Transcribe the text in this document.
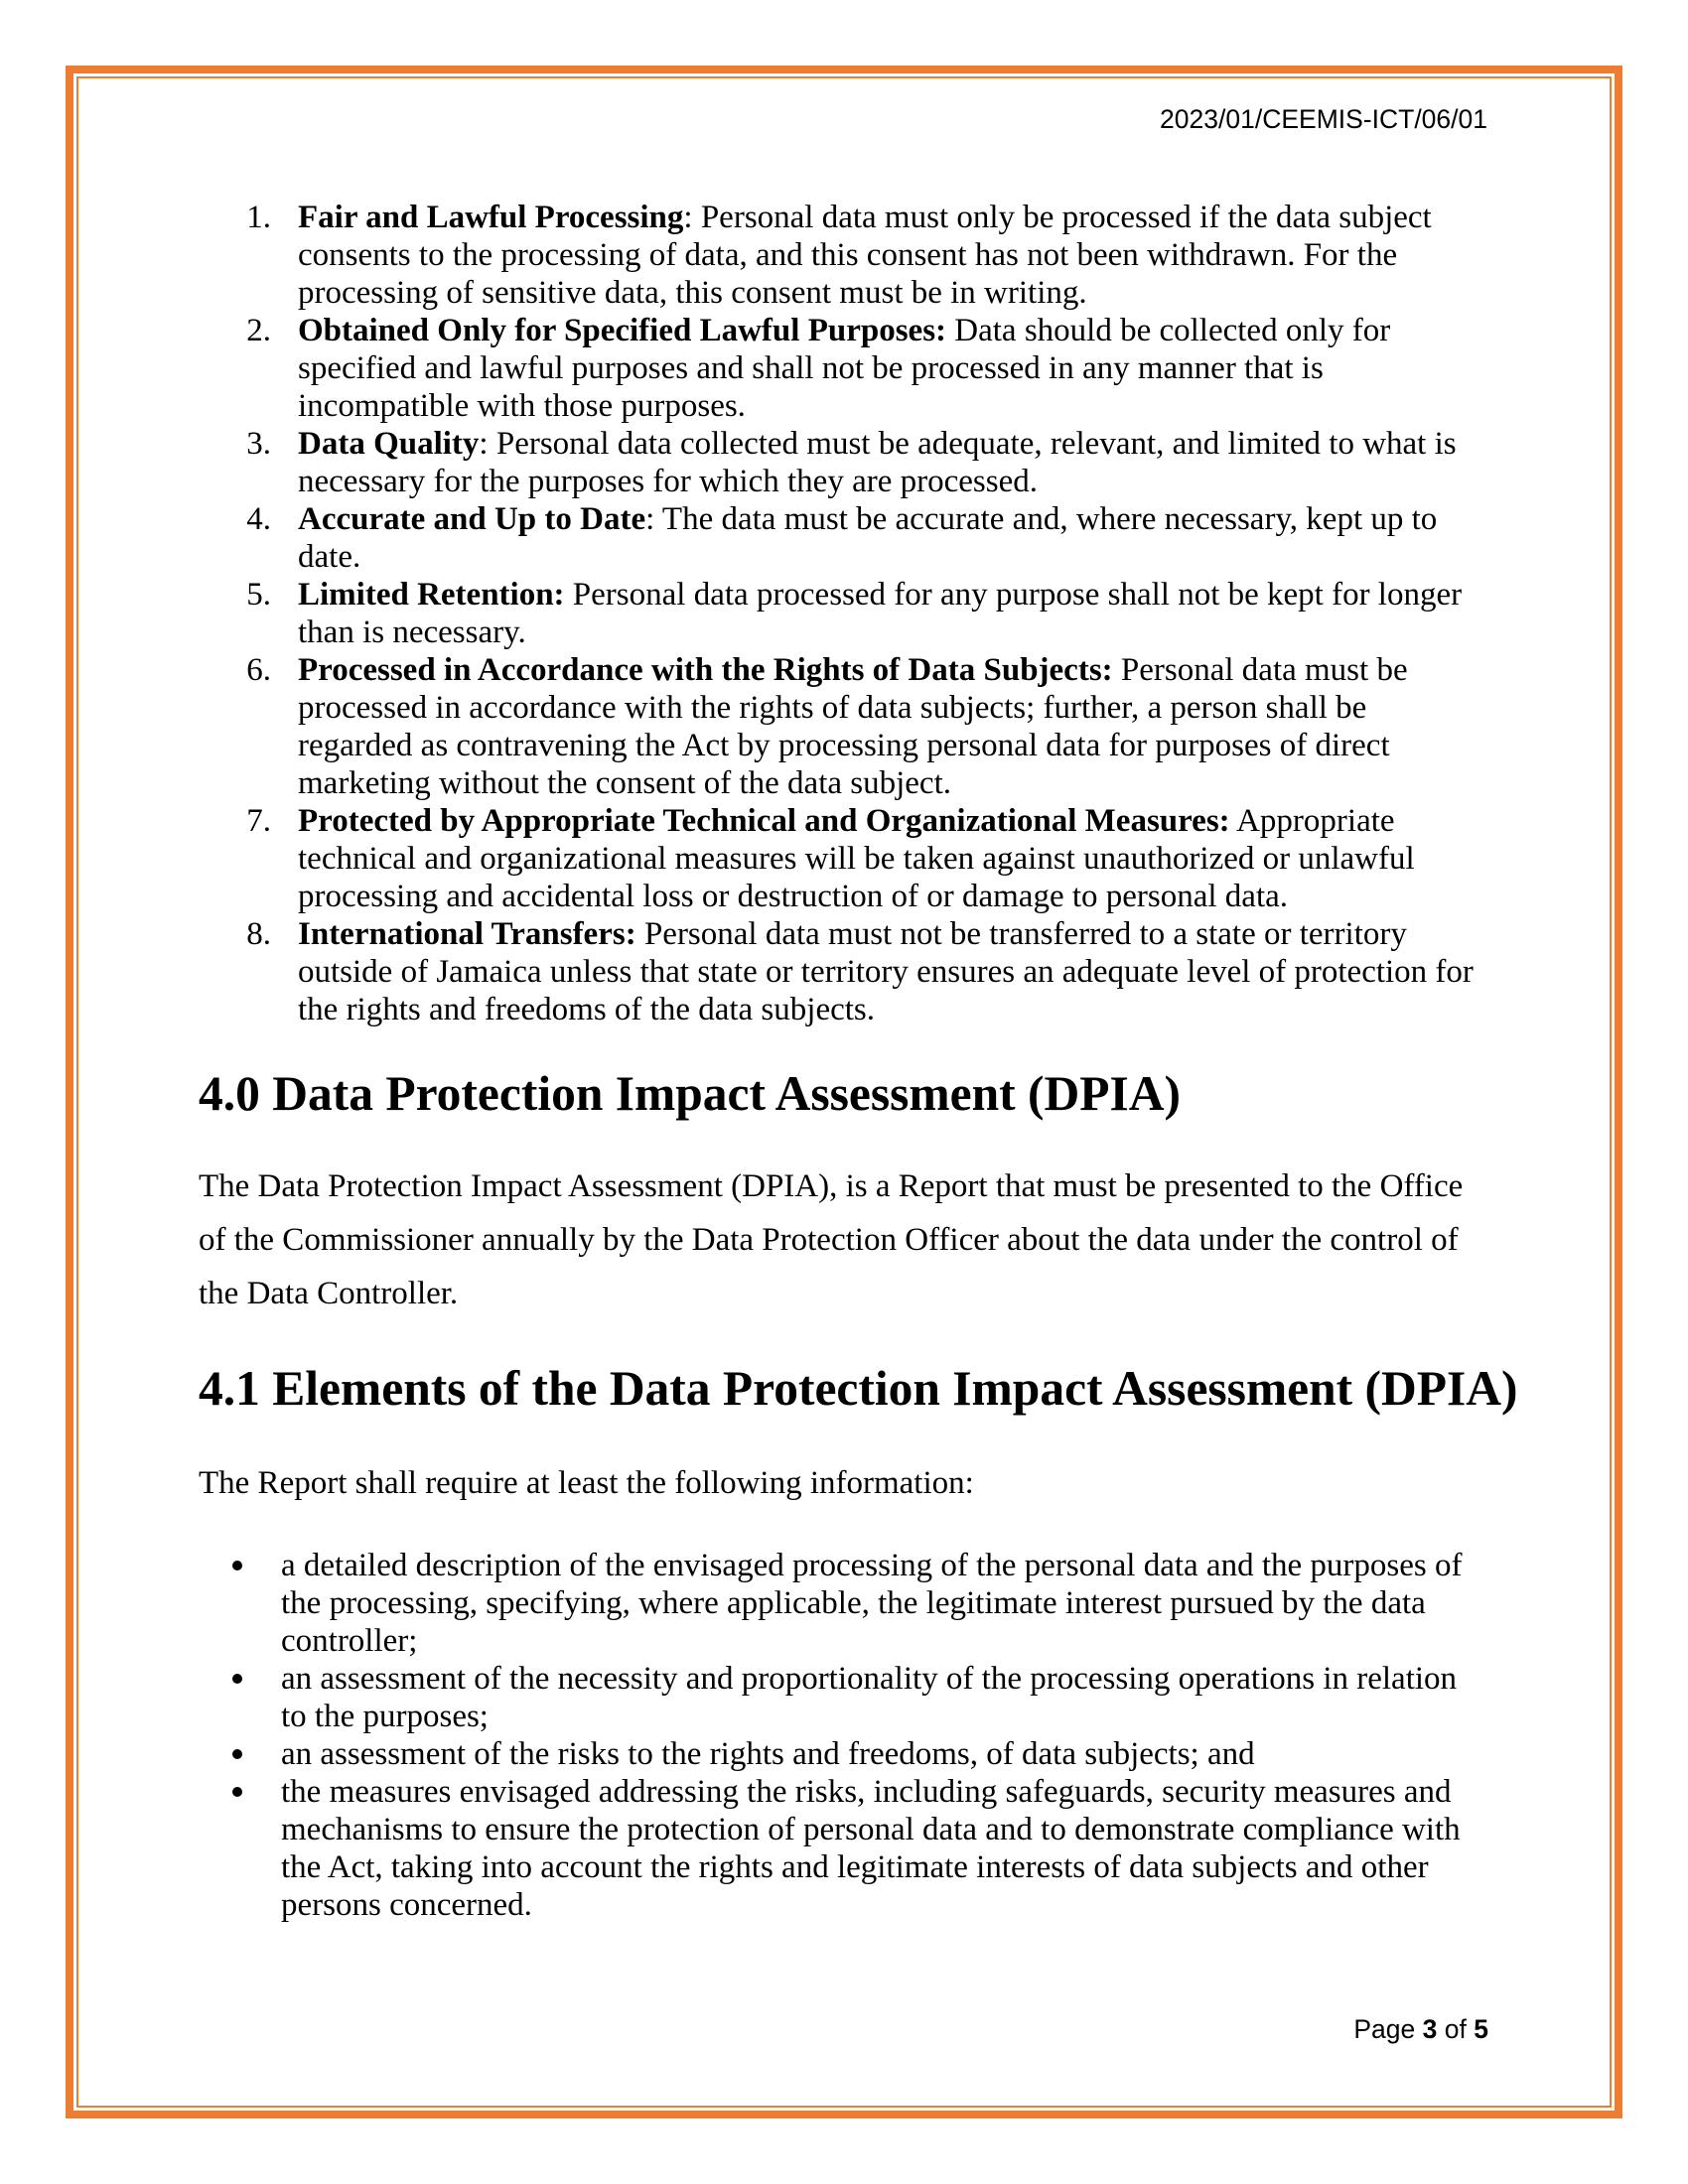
2023/01/CEEMIS-ICT/06/01
1. Fair and Lawful Processing: Personal data must only be processed if the data subject
consents to the processing of data, and this consent has not been withdrawn. For the
processing of sensitive data, this consent must be in writing.
2. Obtained Only for Specified Lawful Purposes: Data should be collected only for
specified and lawful purposes and shall not be processed in any manner that is
incompatible with those purposes.
3. Data Quality: Personal data collected must be adequate, relevant, and limited to what is
necessary for the purposes for which they are processed.
4. Accurate and Up to Date: The data must be accurate and, where necessary, kept up to
date.
5. Limited Retention: Personal data processed for any purpose shall not be kept for longer
than is necessary.
6. Processed in Accordance with the Rights of Data Subjects: Personal data must be
processed in accordance with the rights of data subjects; further, a person shall be
regarded as contravening the Act by processing personal data for purposes of direct
marketing without the consent of the data subject.
7. Protected by Appropriate Technical and Organizational Measures: Appropriate
technical and organizational measures will be taken against unauthorized or unlawful
processing and accidental loss or destruction of or damage to personal data.
8. International Transfers: Personal data must not be transferred to a state or territory
outside of Jamaica unless that state or territory ensures an adequate level of protection for
the rights and freedoms of the data subjects.
4.0 Data Protection Impact Assessment (DPIA)

The Data Protection Impact Assessment (DPIA), is a Report that must be presented to the Office
of the Commissioner annually by the Data Protection Officer about the data under the control of
the Data Controller.

4.1 Elements of the Data Protection Impact Assessment (DPIA)

The Report shall require at least the following information:

a detailed description of the envisaged processing of the personal data and the purposes of
the processing, specifying, where applicable, the legitimate interest pursued by the data
controller;
an assessment of the necessity and proportionality of the processing operations in relation
to the purposes;
an assessment of the risks to the rights and freedoms, of data subjects; and
the measures envisaged addressing the risks, including safeguards, security measures and
mechanisms to ensure the protection of personal data and to demonstrate compliance with
the Act, taking into account the rights and legitimate interests of data subjects and other
persons concerned.
Page 3 of 5
